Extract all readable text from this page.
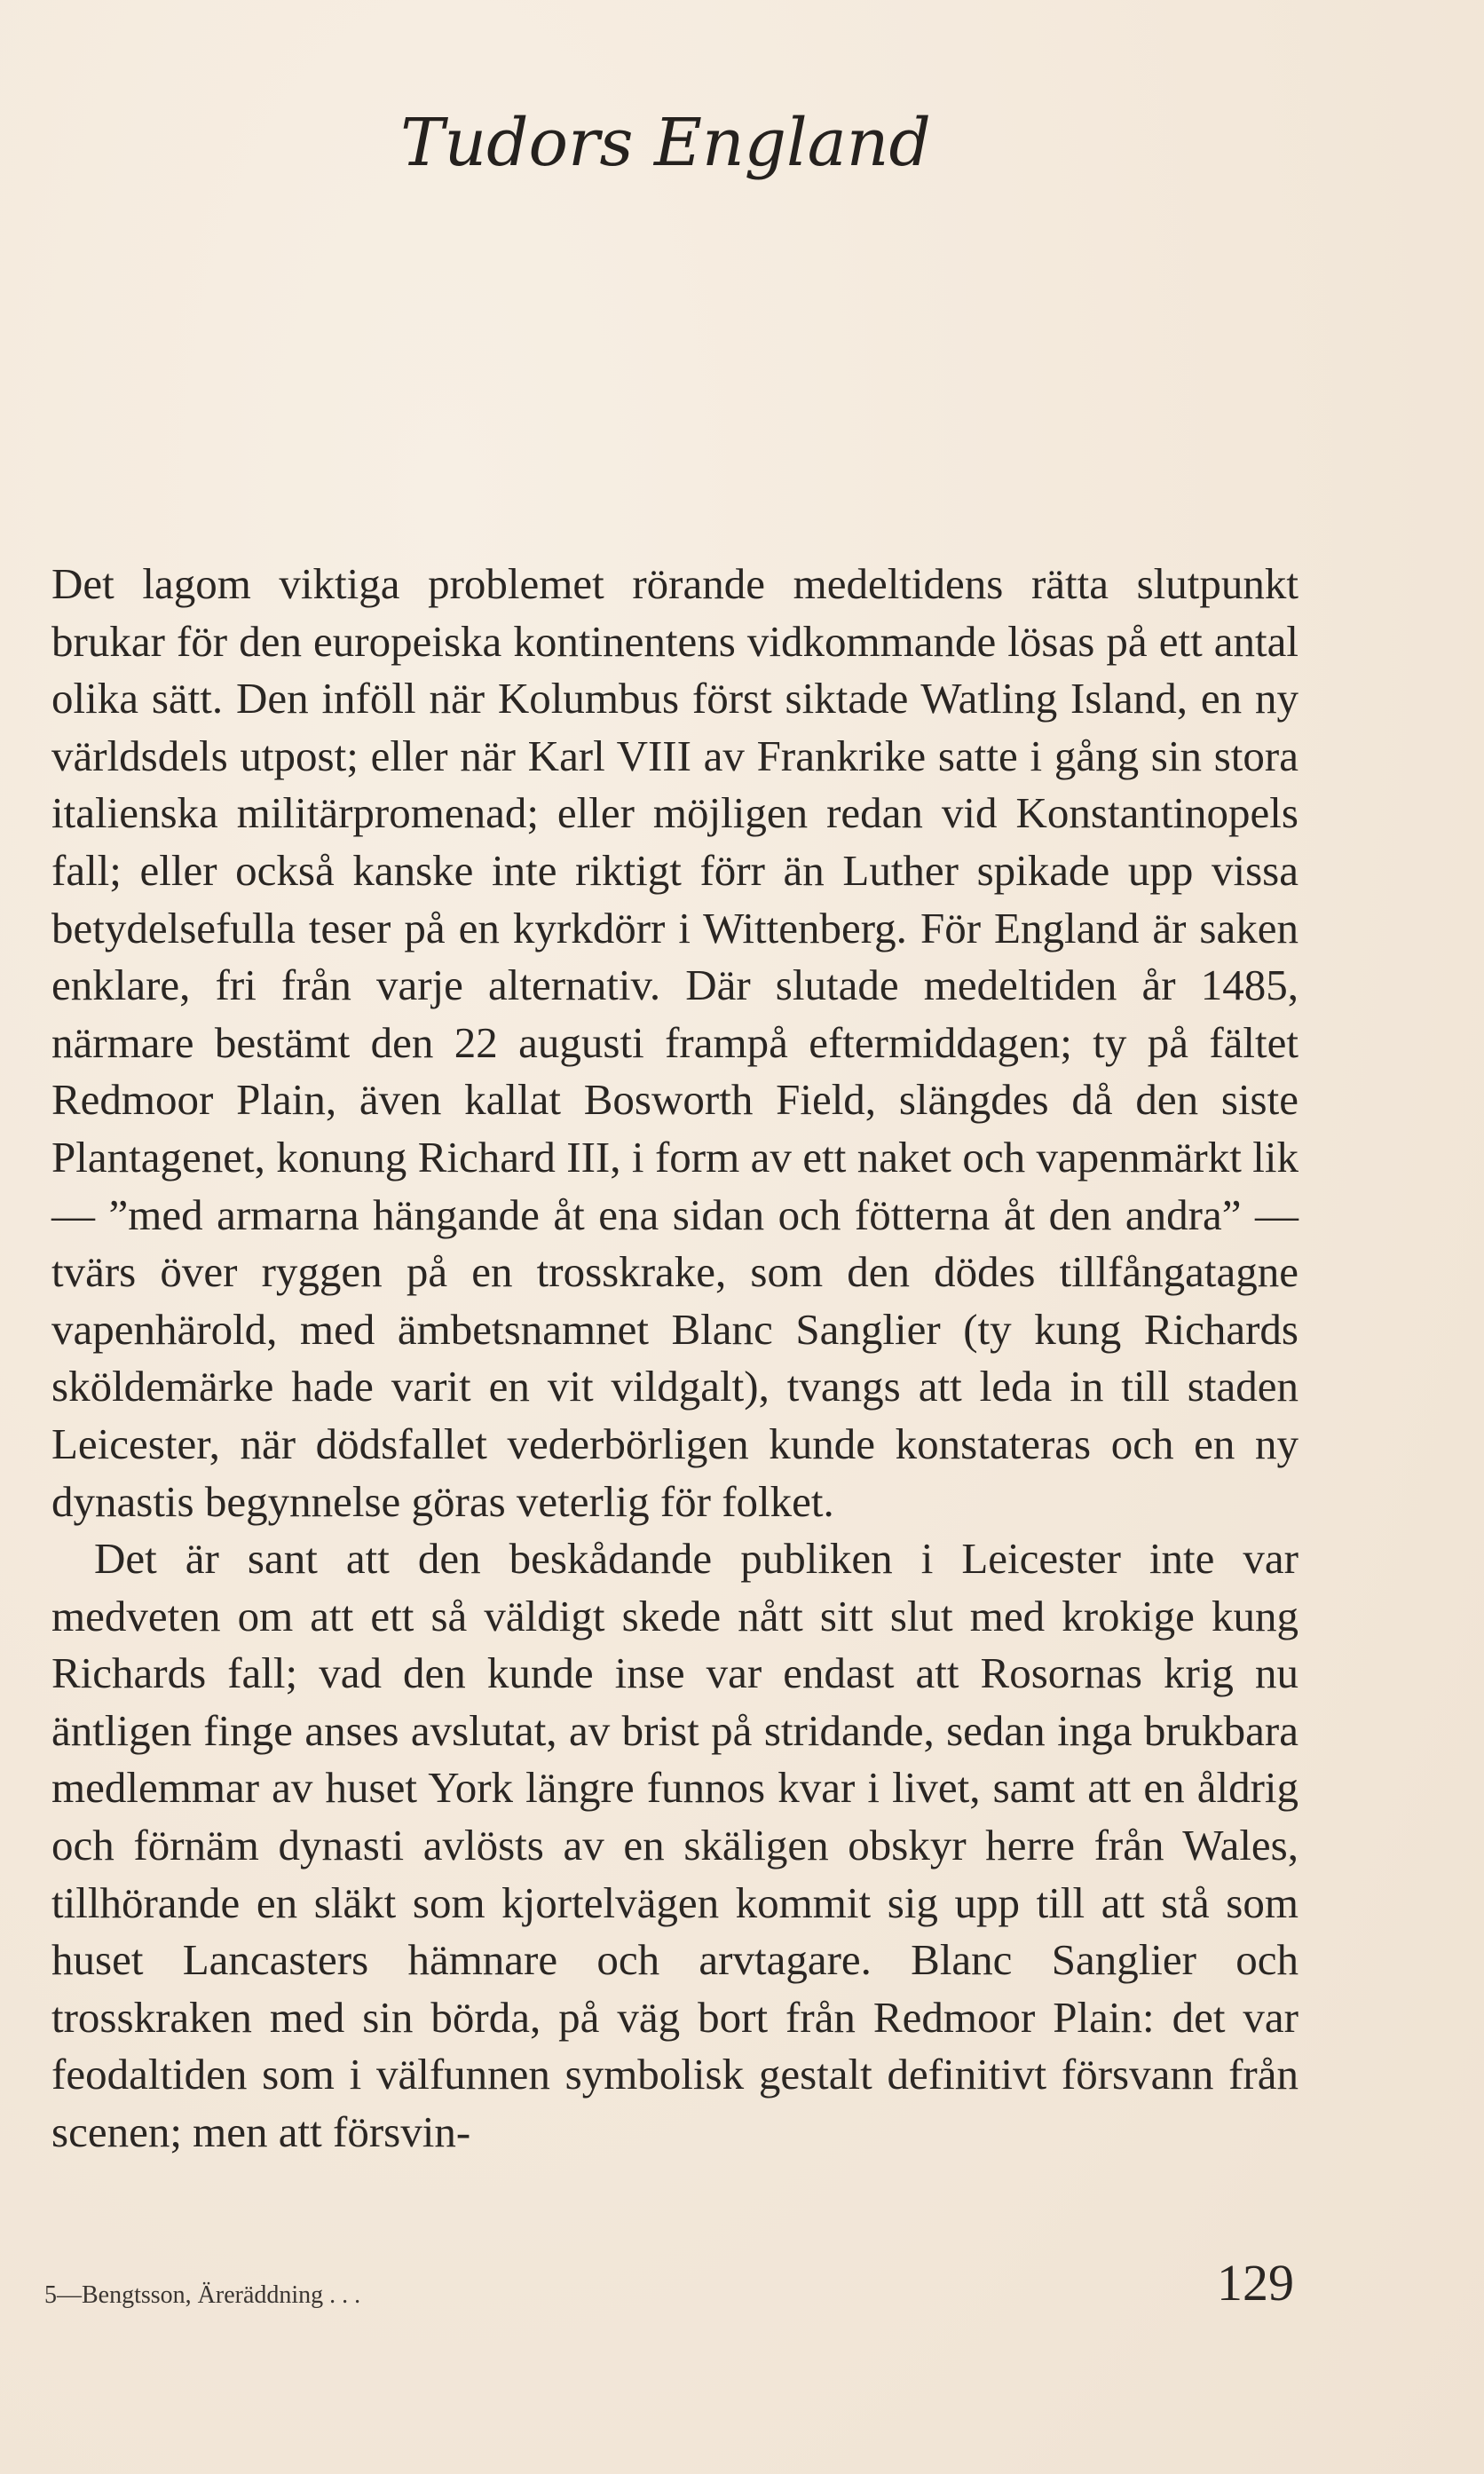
Tudors England

Det lagom viktiga problemet rörande medeltidens rätta slutpunkt brukar för den europeiska kontinentens vidkommande lösas på ett antal olika sätt. Den inföll när Kolumbus först siktade Watling Island, en ny världsdels utpost; eller när Karl VIII av Frankrike satte i gång sin stora italienska militärpromenad; eller möjligen redan vid Konstantinopels fall; eller också kanske inte riktigt förr än Luther spikade upp vissa betydelsefulla teser på en kyrkdörr i Wittenberg. För England är saken enklare, fri från varje alternativ. Där slutade medeltiden år 1485, närmare bestämt den 22 augusti frampå eftermiddagen; ty på fältet Redmoor Plain, även kallat Bosworth Field, slängdes då den siste Plantagenet, konung Richard III, i form av ett naket och vapenmärkt lik — ”med armarna hängande åt ena sidan och fötterna åt den andra” — tvärs över ryggen på en trosskrake, som den dödes tillfångatagne vapenhärold, med ämbetsnamnet Blanc Sanglier (ty kung Richards sköldemärke hade varit en vit vildgalt), tvangs att leda in till staden Leicester, när dödsfallet vederbörligen kunde konstateras och en ny dynastis begynnelse göras veterlig för folket.

Det är sant att den beskådande publiken i Leicester inte var medveten om att ett så väldigt skede nått sitt slut med krokige kung Richards fall; vad den kunde inse var endast att Rosornas krig nu äntligen finge anses avslutat, av brist på stridande, sedan inga brukbara medlemmar av huset York längre funnos kvar i livet, samt att en åldrig och förnäm dynasti avlösts av en skäligen obskyr herre från Wales, tillhörande en släkt som kjortelvägen kommit sig upp till att stå som huset Lancasters hämnare och arvtagare. Blanc Sanglier och trosskraken med sin börda, på väg bort från Redmoor Plain: det var feodaltiden som i välfunnen symbolisk gestalt definitivt försvann från scenen; men att försvin-

5—Bengtsson, Äreräddning . . .	129
